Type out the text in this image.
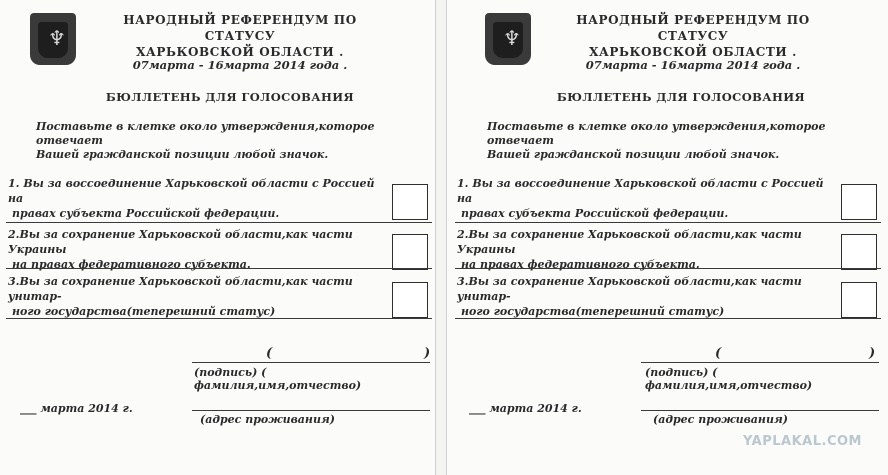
♆
НАРОДНЫЙ РЕФЕРЕНДУМ ПО СТАТУСУ
ХАРЬКОВСКОЙ ОБЛАСТИ .
07марта - 16марта 2014 года .
БЮЛЛЕТЕНЬ ДЛЯ ГОЛОСОВАНИЯ
Поставьте в клетке около утверждения,которое отвечает
Вашей гражданской позиции любой значок.
1. Вы за воссоединение Харьковской области с Россией на
правах субъекта Российской федерации.
2.Вы за сохранение Харьковской области,как части Украины
на правах федеративного субъекта.
3.Вы за сохранение Харьковской области,как части унитар-
ного государства(теперешний статус)
(	)
(подпись) ( фамилия,имя,отчество)
___ марта 2014 г.
(адрес проживания)
♆
НАРОДНЫЙ РЕФЕРЕНДУМ ПО СТАТУСУ
ХАРЬКОВСКОЙ ОБЛАСТИ .
07марта - 16марта 2014 года .
БЮЛЛЕТЕНЬ ДЛЯ ГОЛОСОВАНИЯ
Поставьте в клетке около утверждения,которое отвечает
Вашей гражданской позиции любой значок.
1. Вы за воссоединение Харьковской области с Россией на
правах субъекта Российской федерации.
2.Вы за сохранение Харьковской области,как части Украины
на правах федеративного субъекта.
3.Вы за сохранение Харьковской области,как части унитар-
ного государства(теперешний статус)
(	)
(подпись) ( фамилия,имя,отчество)
___ марта 2014 г.
(адрес проживания)
YAPLAKAL.COM
